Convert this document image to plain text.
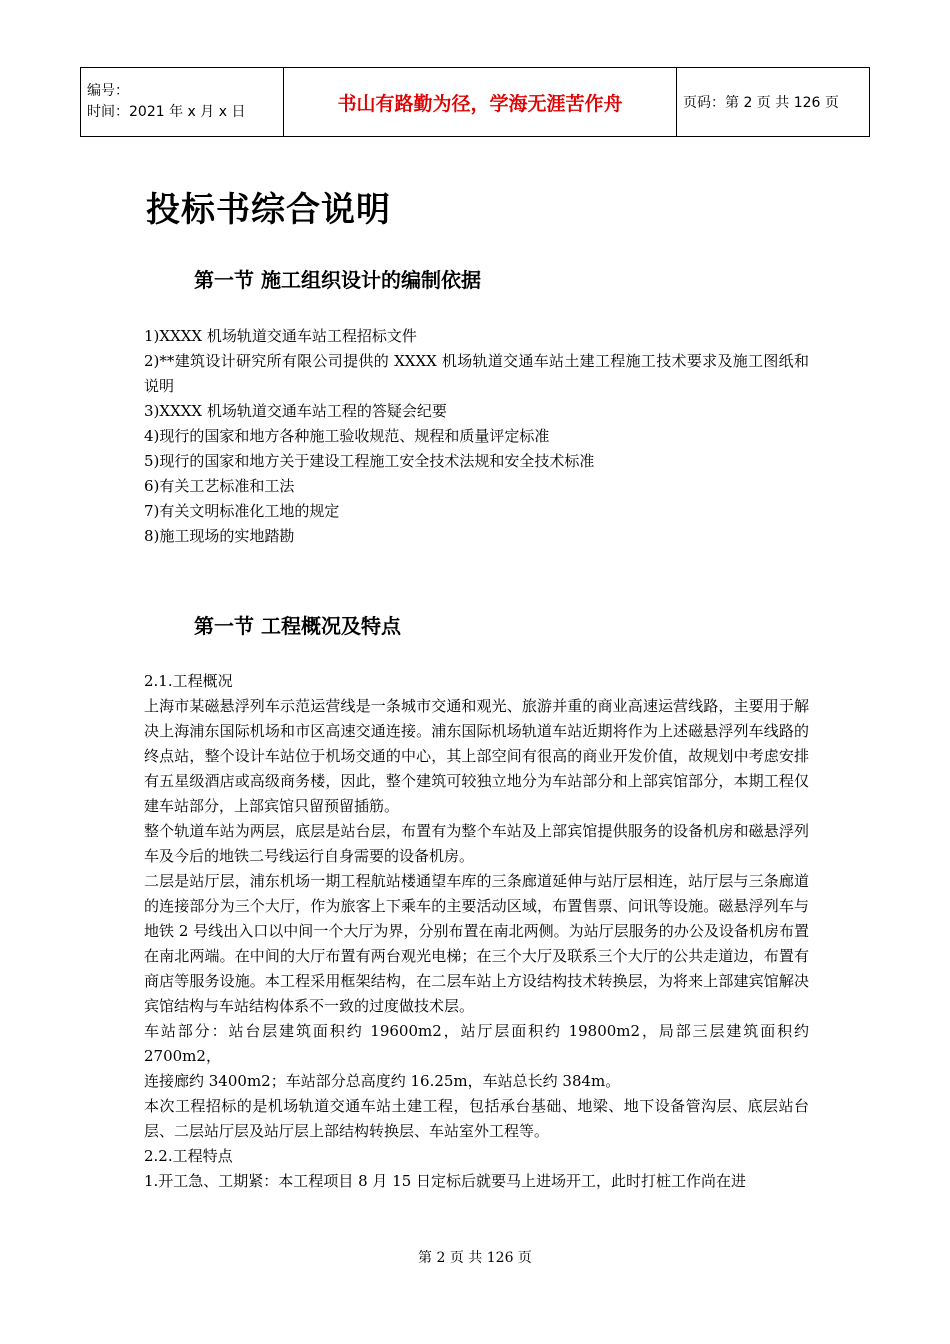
编号：
时间：2021 年 x 月 x 日	书山有路勤为径，学海无涯苦作舟	页码：第 2 页 共 126 页
投标书综合说明
第一节 施工组织设计的编制依据

1)XXXX 机场轨道交通车站工程招标文件

2)**建筑设计研究所有限公司提供的 XXXX 机场轨道交通车站土建工程施工技术要求及施工图纸和说明

3)XXXX 机场轨道交通车站工程的答疑会纪要

4)现行的国家和地方各种施工验收规范、规程和质量评定标准

5)现行的国家和地方关于建设工程施工安全技术法规和安全技术标准

6)有关工艺标准和工法

7)有关文明标准化工地的规定

8)施工现场的实地踏勘

第一节 工程概况及特点

2.1.工程概况

上海市某磁悬浮列车示范运营线是一条城市交通和观光、旅游并重的商业高速运营线路，主要用于解决上海浦东国际机场和市区高速交通连接。浦东国际机场轨道车站近期将作为上述磁悬浮列车线路的终点站，整个设计车站位于机场交通的中心，其上部空间有很高的商业开发价值，故规划中考虑安排有五星级酒店或高级商务楼，因此，整个建筑可较独立地分为车站部分和上部宾馆部分，本期工程仅建车站部分，上部宾馆只留预留插筋。

整个轨道车站为两层，底层是站台层，布置有为整个车站及上部宾馆提供服务的设备机房和磁悬浮列车及今后的地铁二号线运行自身需要的设备机房。

二层是站厅层，浦东机场一期工程航站楼通望车库的三条廊道延伸与站厅层相连，站厅层与三条廊道的连接部分为三个大厅，作为旅客上下乘车的主要活动区域，布置售票、问讯等设施。磁悬浮列车与地铁 2 号线出入口以中间一个大厅为界，分别布置在南北两侧。为站厅层服务的办公及设备机房布置在南北两端。在中间的大厅布置有两台观光电梯；在三个大厅及联系三个大厅的公共走道边，布置有商店等服务设施。本工程采用框架结构，在二层车站上方设结构技术转换层，为将来上部建宾馆解决宾馆结构与车站结构体系不一致的过度做技术层。

车站部分：站台层建筑面积约 19600m2，站厅层面积约 19800m2，局部三层建筑面积约 2700m2，

连接廊约 3400m2；车站部分总高度约 16.25m，车站总长约 384m。

本次工程招标的是机场轨道交通车站土建工程，包括承台基础、地梁、地下设备管沟层、底层站台层、二层站厅层及站厅层上部结构转换层、车站室外工程等。

2.2.工程特点

1.开工急、工期紧：本工程项目 8 月 15 日定标后就要马上进场开工，此时打桩工作尚在进

第 2 页 共 126 页
